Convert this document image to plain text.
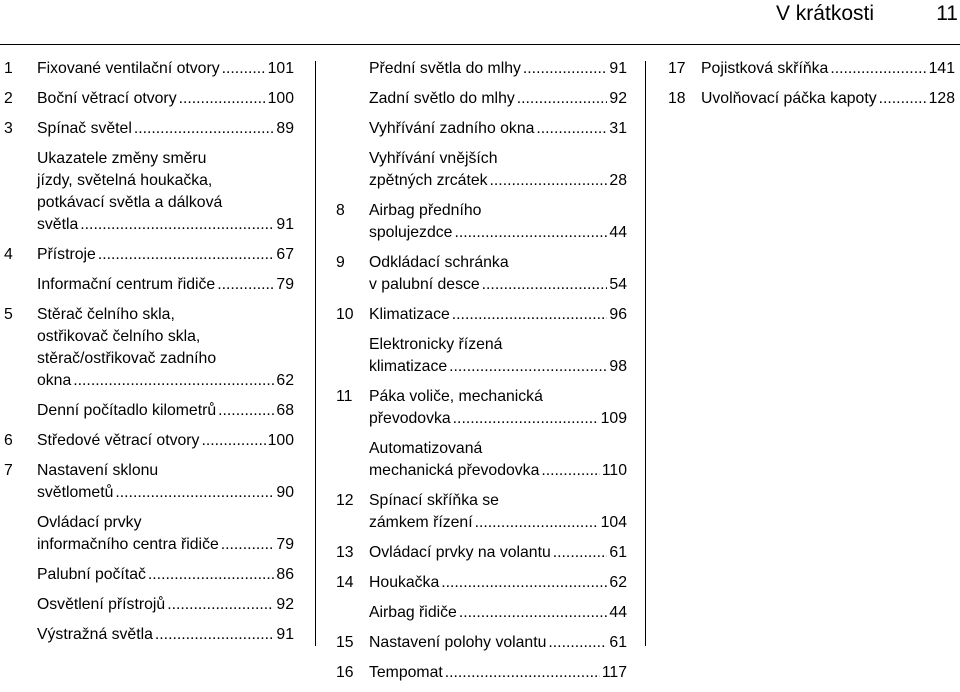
V krátkosti	11
1	Fixované ventilační otvory .....	101
2	Boční větrací otvory .....	100
3	Spínač světel .....	89
Ukazatele změny směru
jízdy, světelná houkačka,
potkávací světla a dálková
světla .....	91
4	Přístroje .....	67
Informační centrum řidiče .....	79
5	Stěrač čelního skla,
ostřikovač čelního skla,
stěrač/ostřikovač zadního
okna .....	62
Denní počítadlo kilometrů .....	68
6	Středové větrací otvory .....	100
7	Nastavení sklonu
světlometů .....	90
Ovládací prvky
informačního centra řidiče .....	79
Palubní počítač .....	86
Osvětlení přístrojů .....	92
Výstražná světla .....	91
Přední světla do mlhy .....	91
Zadní světlo do mlhy .....	92
Vyhřívání zadního okna .....	31
Vyhřívání vnějších
zpětných zrcátek .....	28
8	Airbag předního
spolujezdce .....	44
9	Odkládací schránka
v palubní desce .....	54
10 Klimatizace .....	96
Elektronicky řízená
klimatizace .....	98
11	Páka voliče, mechanická
převodovka .....	109
Automatizovaná
mechanická převodovka .....	110
12 Spínací skříňka se
zámkem řízení .....	104
13 Ovládací prvky na volantu .....	61
14 Houkačka .....	62
Airbag řidiče .....	44
15 Nastavení polohy volantu .....	61
16 Tempomat .....	117
17 Pojistková skříňka .....	141
18 Uvolňovací páčka kapoty .....	128
